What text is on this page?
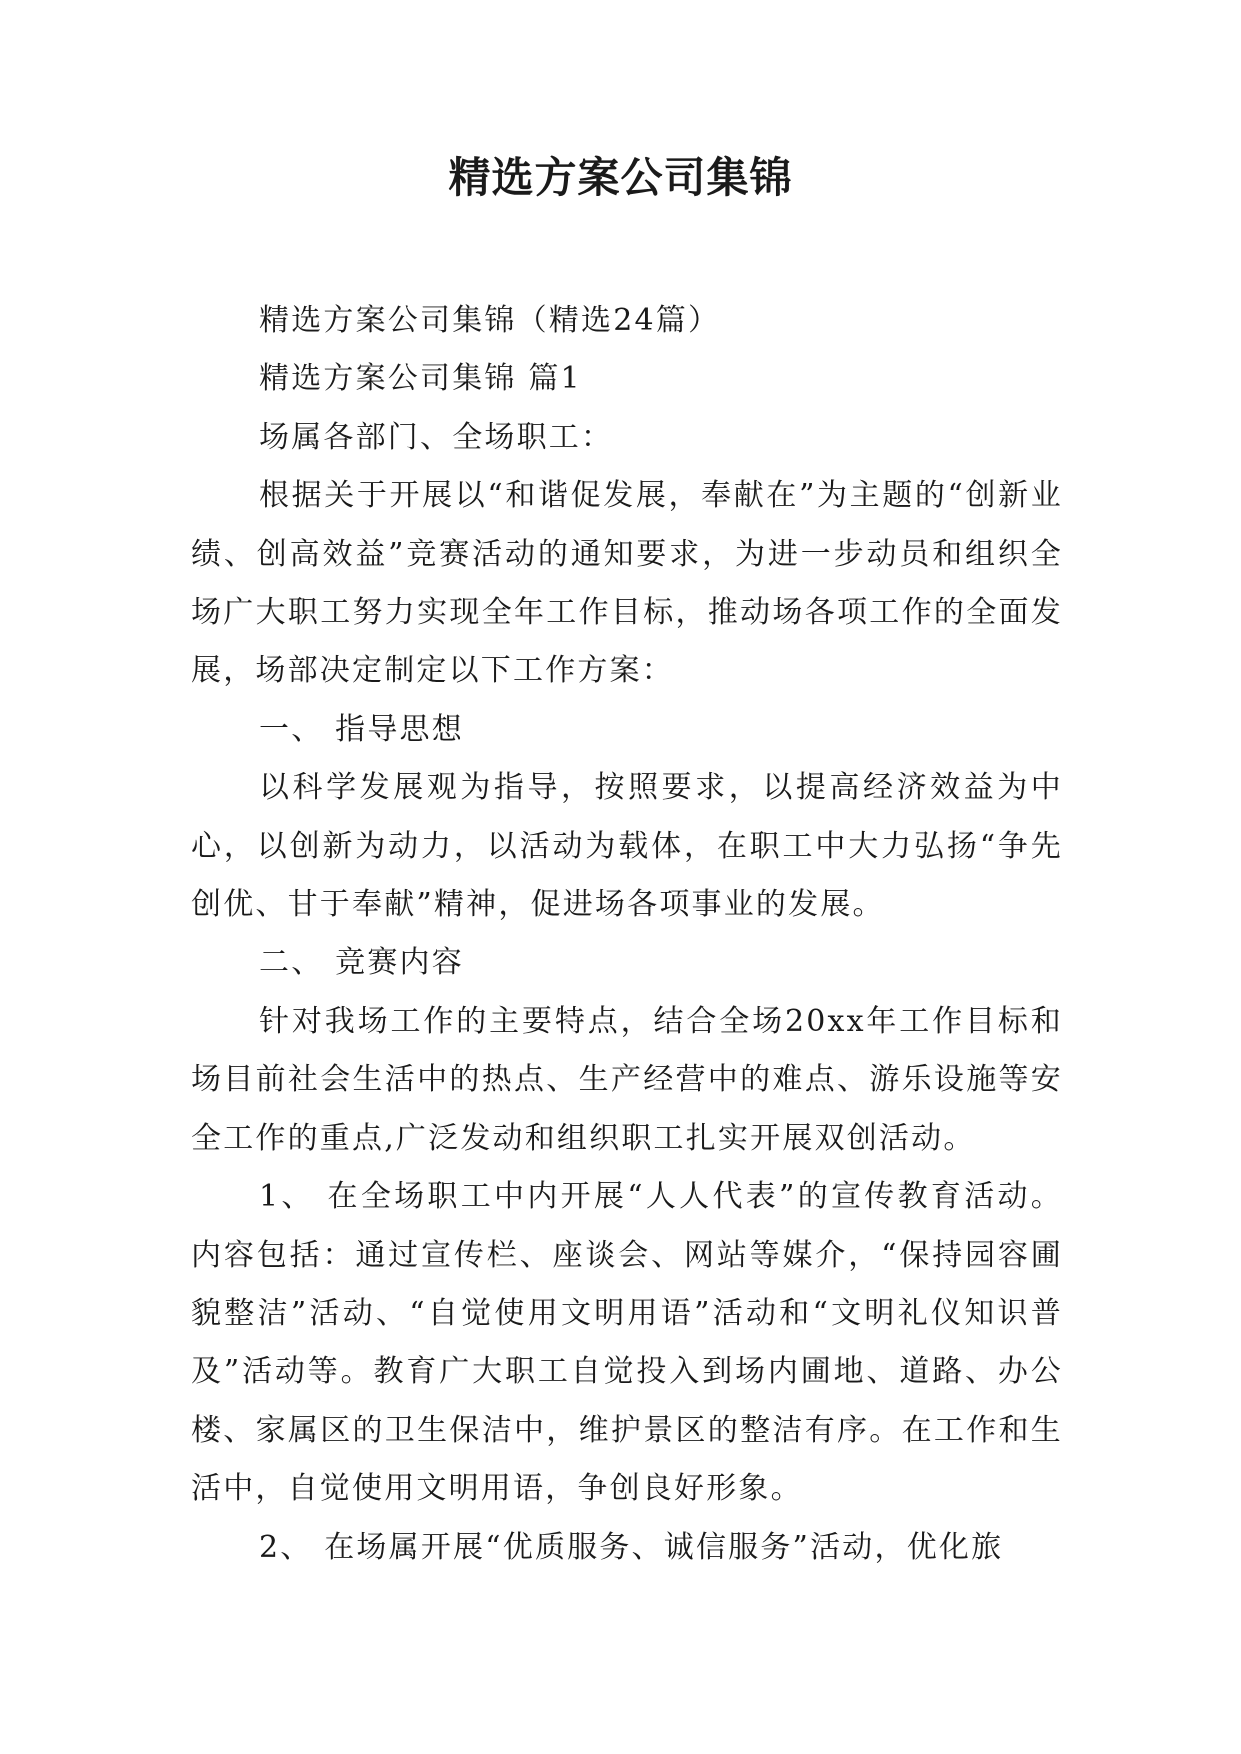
精选方案公司集锦

精选方案公司集锦（精选24篇）

精选方案公司集锦 篇1

场属各部门、全场职工：

根据关于开展以“和谐促发展，奉献在”为主题的“创新业绩、创高效益”竞赛活动的通知要求，为进一步动员和组织全场广大职工努力实现全年工作目标，推动场各项工作的全面发展，场部决定制定以下工作方案：

一、 指导思想

以科学发展观为指导，按照要求，以提高经济效益为中心，以创新为动力，以活动为载体，在职工中大力弘扬“争先创优、甘于奉献”精神，促进场各项事业的发展。

二、 竞赛内容

针对我场工作的主要特点，结合全场20xx年工作目标和场目前社会生活中的热点、生产经营中的难点、游乐设施等安全工作的重点,广泛发动和组织职工扎实开展双创活动。

1、 在全场职工中内开展“人人代表”的宣传教育活动。内容包括：通过宣传栏、座谈会、网站等媒介，“保持园容圃貌整洁”活动、“自觉使用文明用语”活动和“文明礼仪知识普及”活动等。教育广大职工自觉投入到场内圃地、道路、办公楼、家属区的卫生保洁中，维护景区的整洁有序。在工作和生活中，自觉使用文明用语，争创良好形象。

2、 在场属开展“优质服务、诚信服务”活动，优化旅
